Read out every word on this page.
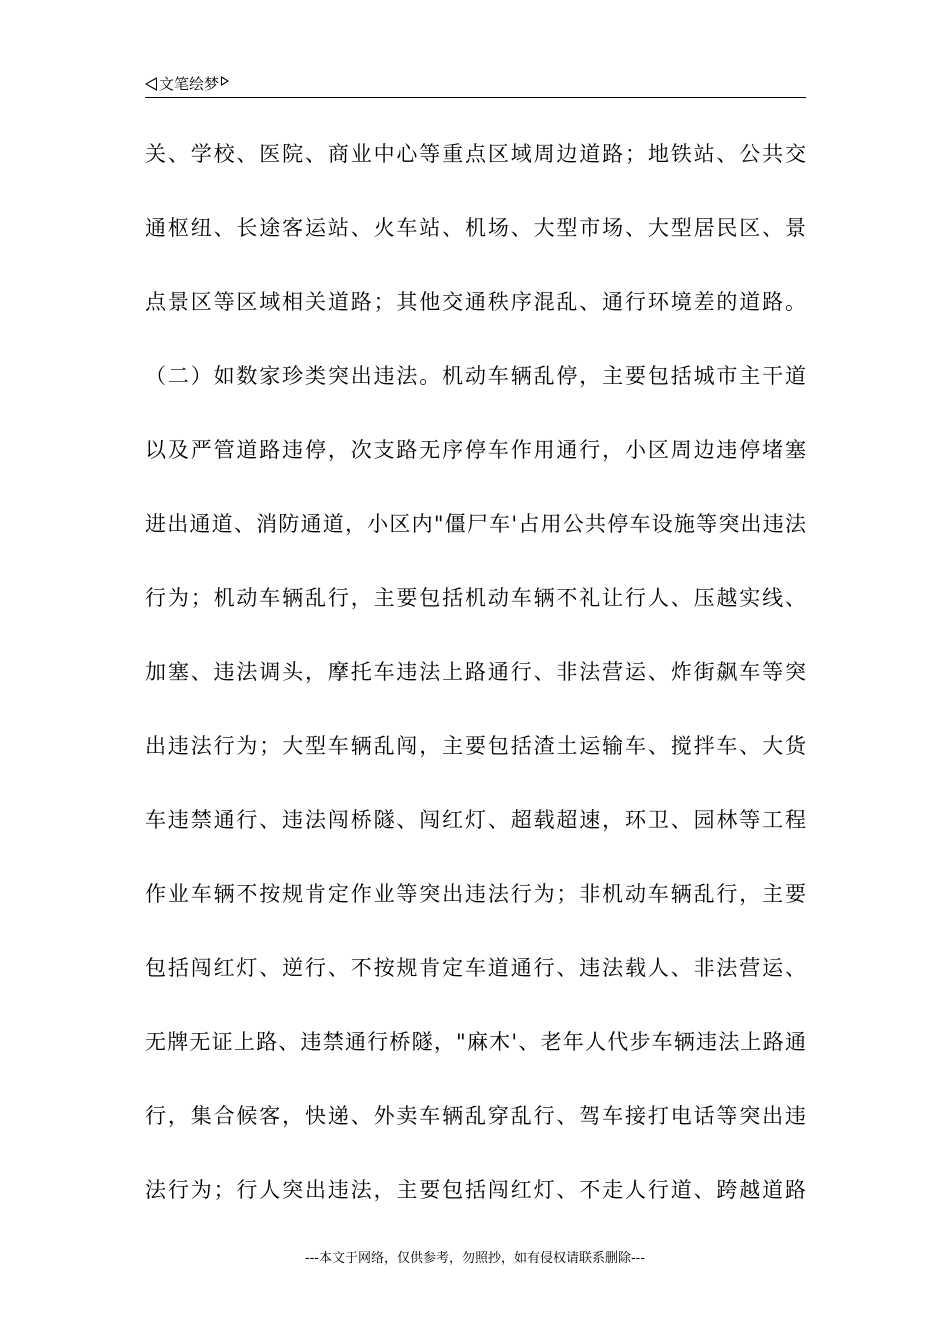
文笔绘梦
关、学校、医院、商业中心等重点区域周边道路；地铁站、公共交
通枢纽、长途客运站、火车站、机场、大型市场、大型居民区、景
点景区等区域相关道路；其他交通秩序混乱、通行环境差的道路。
（二）如数家珍类突出违法。机动车辆乱停，主要包括城市主干道
以及严管道路违停，次支路无序停车作用通行，小区周边违停堵塞
进出通道、消防通道，小区内"僵尸车'占用公共停车设施等突出违法
行为；机动车辆乱行，主要包括机动车辆不礼让行人、压越实线、
加塞、违法调头，摩托车违法上路通行、非法营运、炸街飙车等突
出违法行为；大型车辆乱闯，主要包括渣土运输车、搅拌车、大货
车违禁通行、违法闯桥隧、闯红灯、超载超速，环卫、园林等工程
作业车辆不按规肯定作业等突出违法行为；非机动车辆乱行，主要
包括闯红灯、逆行、不按规肯定车道通行、违法载人、非法营运、
无牌无证上路、违禁通行桥隧，"麻木'、老年人代步车辆违法上路通
行，集合候客，快递、外卖车辆乱穿乱行、驾车接打电话等突出违
法行为；行人突出违法，主要包括闯红灯、不走人行道、跨越道路
---本文于网络，仅供参考，勿照抄，如有侵权请联系删除---
